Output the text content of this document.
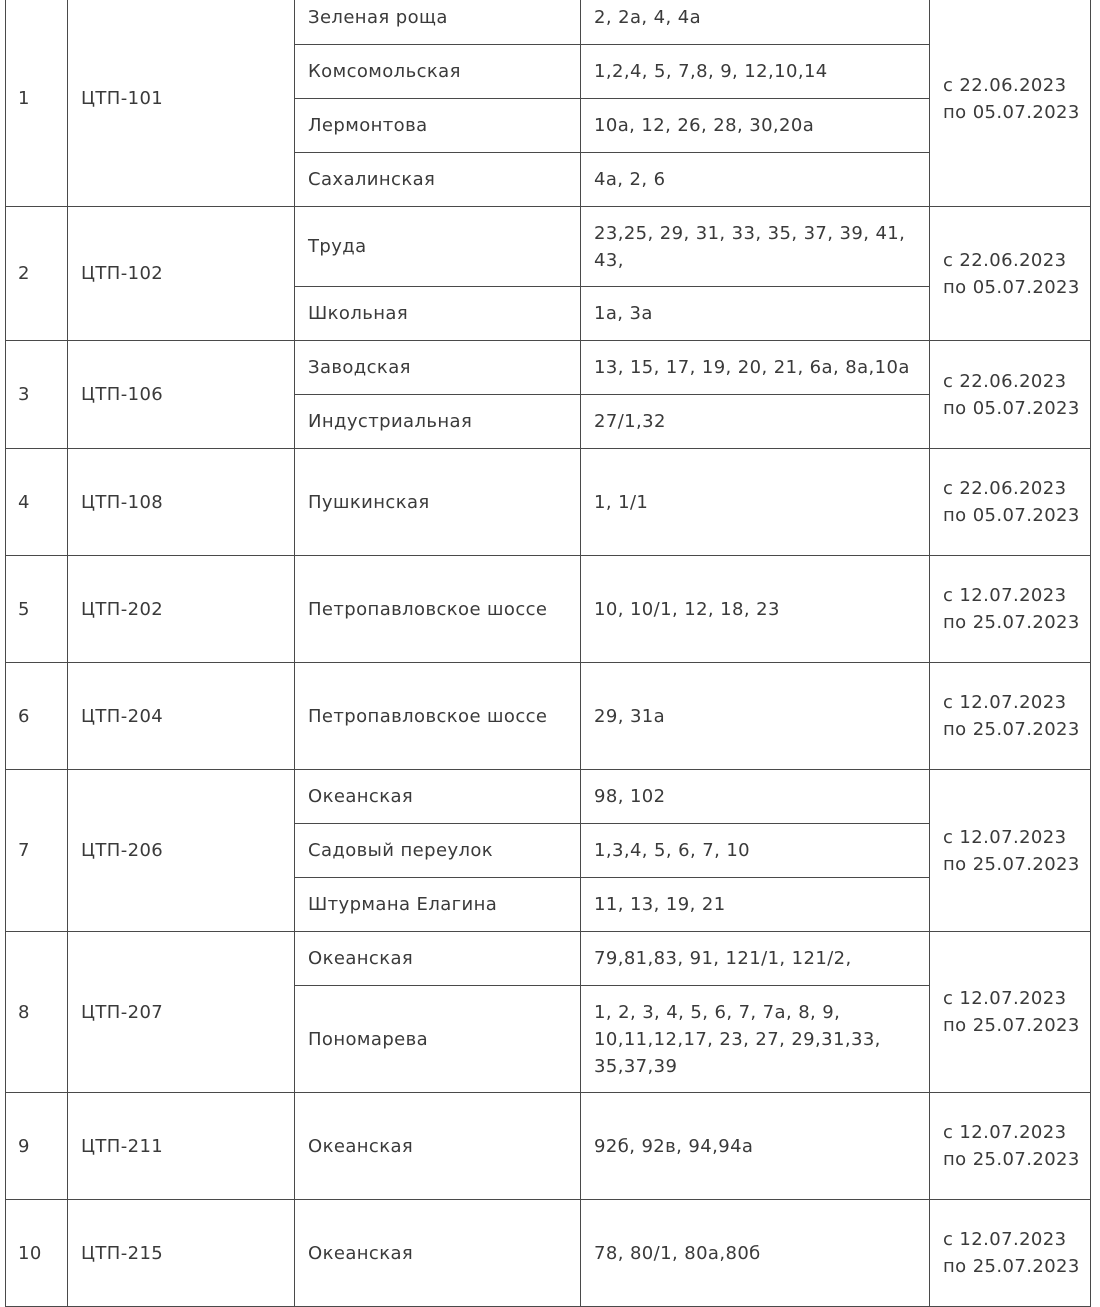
1	ЦТП-101	Зеленая роща	2, 2а, 4, 4а	с 22.06.2023 по 05.07.2023
		Комсомольская	1,2,4, 5, 7,8, 9, 12,10,14	
		Лермонтова	10а, 12, 26, 28, 30,20а	
		Сахалинская	4а, 2, 6	
2	ЦТП-102	Труда	23,25, 29, 31, 33, 35, 37, 39, 41, 43,	с 22.06.2023 по 05.07.2023
		Школьная	1а, 3а	
3	ЦТП-106	Заводская	13, 15, 17, 19, 20, 21, 6а, 8а,10а	с 22.06.2023 по 05.07.2023
		Индустриальная	27/1,32	
4	ЦТП-108	Пушкинская	1, 1/1	с 22.06.2023 по 05.07.2023
5	ЦТП-202	Петропавловское шоссе	10, 10/1, 12, 18, 23	с 12.07.2023 по 25.07.2023
6	ЦТП-204	Петропавловское шоссе	29, 31а	с 12.07.2023 по 25.07.2023
7	ЦТП-206	Океанская	98, 102	с 12.07.2023 по 25.07.2023
		Садовый переулок	1,3,4, 5, 6, 7, 10	
		Штурмана Елагина	11, 13, 19, 21	
8	ЦТП-207	Океанская	79,81,83, 91, 121/1, 121/2,	с 12.07.2023 по 25.07.2023
		Пономарева	1, 2, 3, 4, 5, 6, 7, 7а, 8, 9, 10,11,12,17, 23, 27, 29,31,33, 35,37,39	
9	ЦТП-211	Океанская	92б, 92в, 94,94а	с 12.07.2023 по 25.07.2023
10	ЦТП-215	Океанская	78, 80/1, 80а,80б	с 12.07.2023 по 25.07.2023
